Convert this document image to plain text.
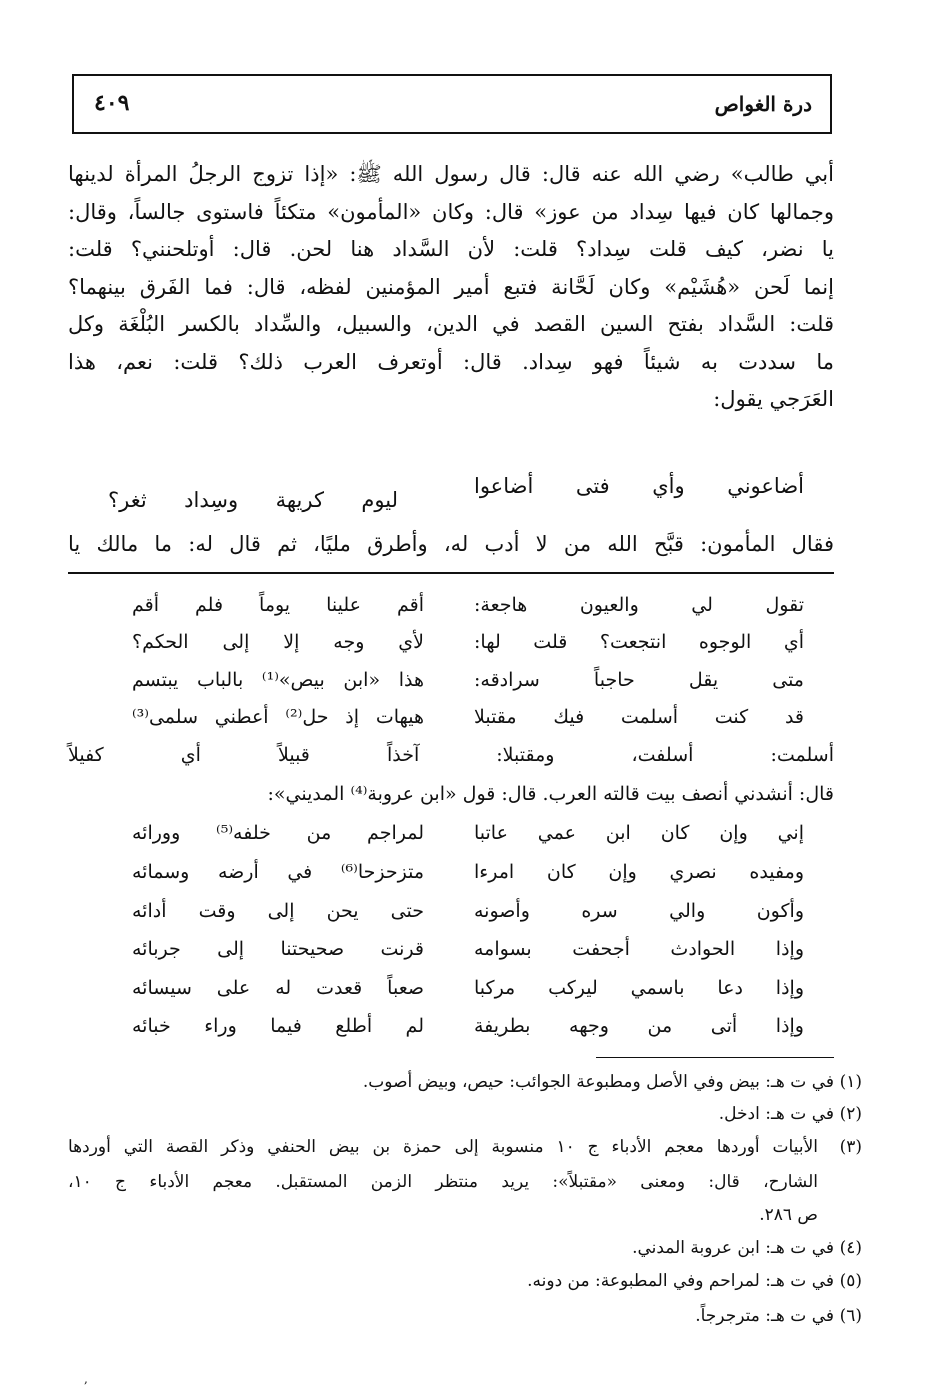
درة الغواص
٤٠٩
أبي طالب» رضي الله عنه قال: قال رسول الله ﷺ: «إذا تزوج الرجلُ المرأة لدينها
وجمالها كان فيها سِداد من عوز» قال: وكان «المأمون» متكئاً فاستوى جالساً، وقال:
يا نضر، كيف قلت سِداد؟ قلت: لأن السَّداد هنا لحن. قال: أوتلحنني؟ قلت:
إنما لَحن «هُشَيْم» وكان لَحَّانة فتبع أمير المؤمنين لفظه، قال: فما الفَرق بينهما؟
قلت: السَّداد بفتح السين القصد في الدين، والسبيل، والسِّداد بالكسر البُلْغَة وكل
ما سددت به شيئاً فهو سِداد. قال: أوتعرف العرب ذلك؟ قلت: نعم، هذا
العَرَجي يقول:
أضاعوني وأي فتى أضاعوا
ليوم كريهة وسِداد ثغر؟
فقال المأمون: قبَّح الله من لا أدب له، وأطرق مليًا، ثم قال له: ما مالك يا
تقول لي والعيون هاجعة:
أقم علينا يوماً فلم أقم
أي الوجوه انتجعت؟ قلت لها:
لأي وجه إلا إلى الحكم؟
متى يقل حاجباً سرادقه:
هذا «ابن بيص»⁽¹⁾ بالباب يبتسم
قد كنت أسلمت فيك مقتبلا
هيهات إذ حل⁽²⁾ أعطني سلمى⁽³⁾
أسلمت: أسلفت، ومقتبلا: آخذاً قبيلاً أي كفيلاً
قال: أنشدني أنصف بيت قالته العرب. قال: قول «ابن عروبة⁽⁴⁾ المديني»:
إني وإن كان ابن عمي عاتبا
لمراجم من خلفه⁽⁵⁾ وورائه
ومفيده نصري وإن كان امرءا
متزحزحا⁽⁶⁾ في أرضه وسمائه
وأكون والي سره وأصونه
حتى يحن إلى وقت أدائه
وإذا الحوادث أجحفت بسوامه
قرنت صحيحتنا إلى جربائه
وإذا دعا باسمي ليركب مركبا
صعباً قعدت له على سيسائه
وإذا أتى من وجهه بطريفة
لم أطلع فيما وراء خبائه
(١)
في ت هـ: بيض وفي الأصل ومطبوعة الجوائب: حيص، وبيض أصوب.
(٢)
في ت هـ: ادخل.
(٣)
الأبيات أوردها معجم الأدباء ج ١٠ منسوبة إلى حمزة بن بيض الحنفي وذكر القصة التي أوردها
الشارح، قال: ومعنى «مقتبلاً»: يريد منتظر الزمن المستقبل. معجم الأدباء ج ١٠،
ص ٢٨٦.
(٤)
في ت هـ: ابن عروبة المدني.
(٥)
في ت هـ: لمراحم وفي المطبوعة: من دونه.
(٦)
في ت هـ: مترجرجاً.
,
